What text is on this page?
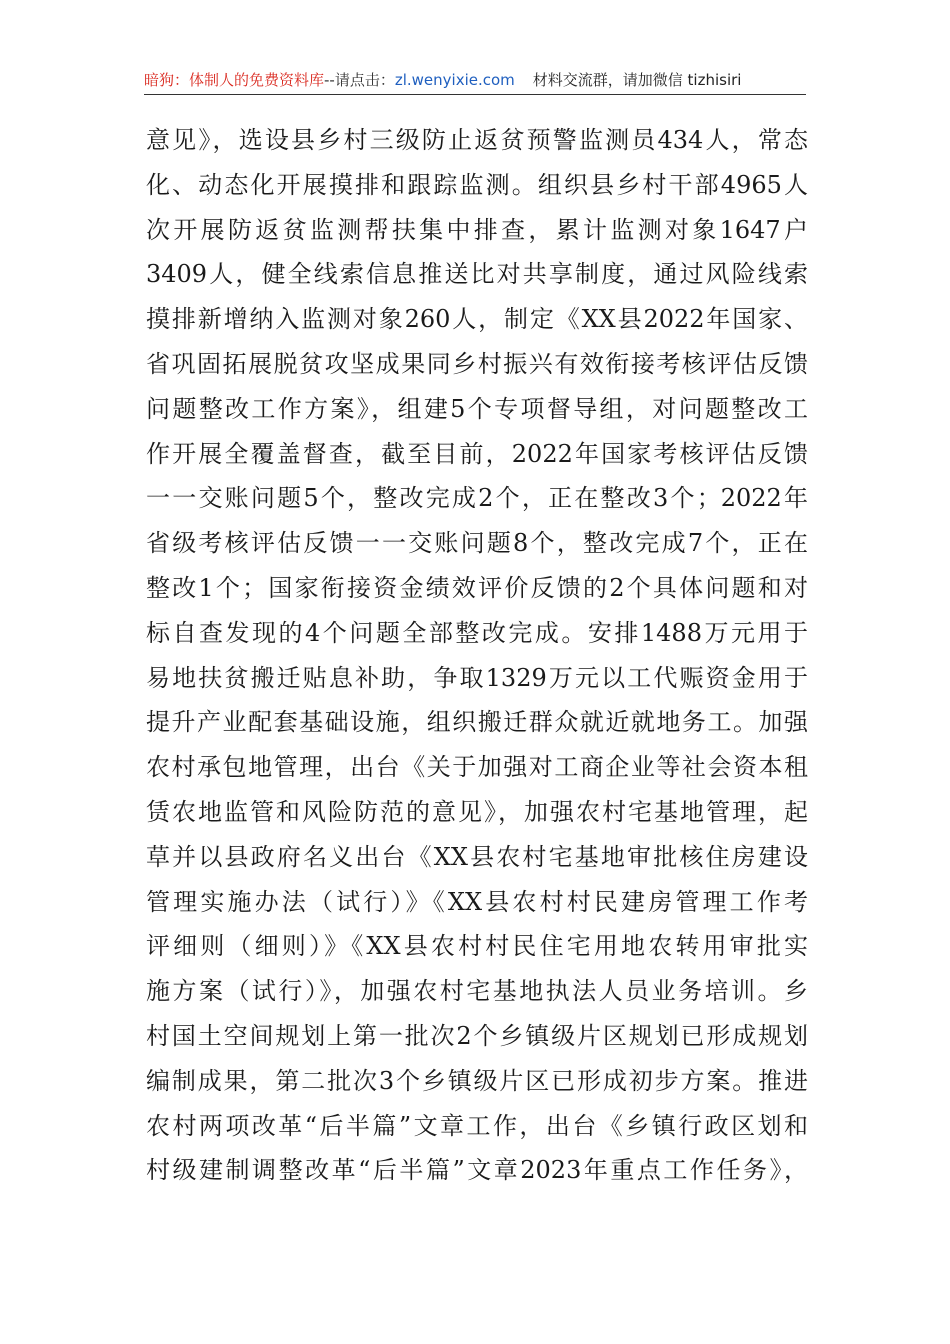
暗狗：体制人的免费资料库--请点击：zl.wenyixie.com 材料交流群，请加微信 tizhisiri
意见》，选设县乡村三级防止返贫预警监测员434人，常态
化、动态化开展摸排和跟踪监测。组织县乡村干部4965人
次开展防返贫监测帮扶集中排查，累计监测对象1647户
3409人，健全线索信息推送比对共享制度，通过风险线索
摸排新增纳入监测对象260人，制定《XX县2022年国家、
省巩固拓展脱贫攻坚成果同乡村振兴有效衔接考核评估反馈
问题整改工作方案》，组建5个专项督导组，对问题整改工
作开展全覆盖督查，截至目前，2022年国家考核评估反馈
一一交账问题5个，整改完成2个，正在整改3个；2022年
省级考核评估反馈一一交账问题8个，整改完成7个，正在
整改1个；国家衔接资金绩效评价反馈的2个具体问题和对
标自查发现的4个问题全部整改完成。安排1488万元用于
易地扶贫搬迁贴息补助，争取1329万元以工代赈资金用于
提升产业配套基础设施，组织搬迁群众就近就地务工。加强
农村承包地管理，出台《关于加强对工商企业等社会资本租
赁农地监管和风险防范的意见》，加强农村宅基地管理，起
草并以县政府名义出台《XX县农村宅基地审批核住房建设
管理实施办法（试行）》《XX县农村村民建房管理工作考
评细则（细则）》《XX县农村村民住宅用地农转用审批实
施方案（试行）》，加强农村宅基地执法人员业务培训。乡
村国土空间规划上第一批次2个乡镇级片区规划已形成规划
编制成果，第二批次3个乡镇级片区已形成初步方案。推进
农村两项改革“后半篇”文章工作，出台《乡镇行政区划和
村级建制调整改革“后半篇”文章2023年重点工作任务》，
